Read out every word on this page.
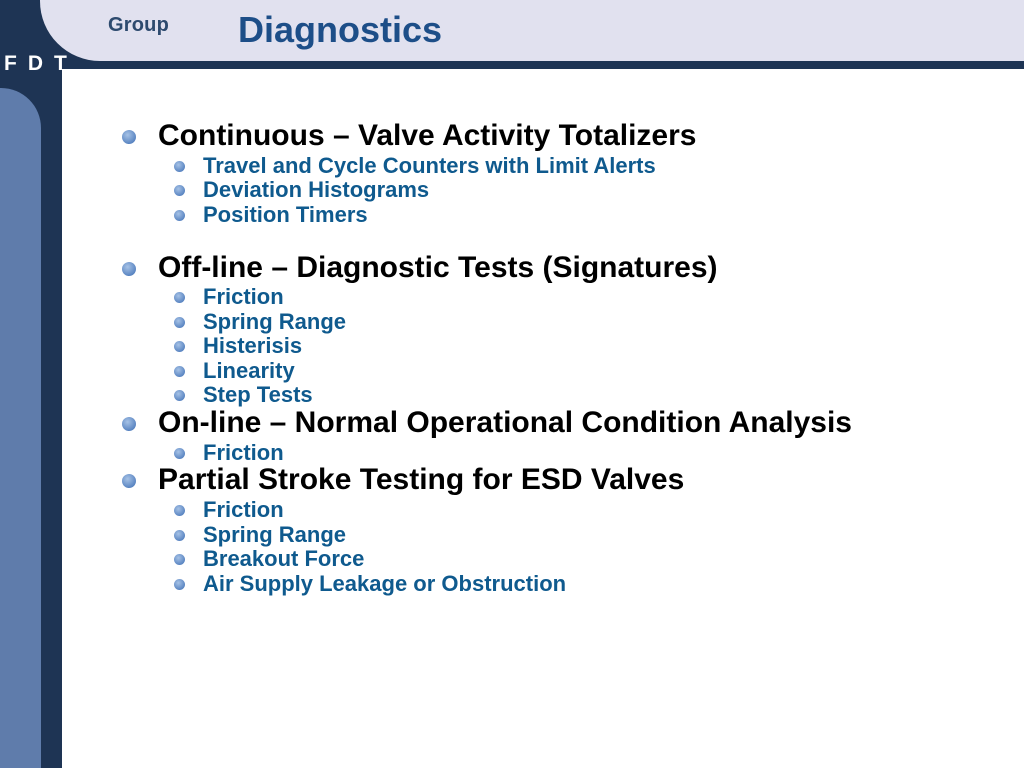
Group
FDT
Diagnostics
Continuous – Valve Activity Totalizers
Travel and Cycle Counters with Limit Alerts
Deviation Histograms
Position Timers
Off-line – Diagnostic Tests (Signatures)
Friction
Spring Range
Histerisis
Linearity
Step Tests
On-line – Normal Operational Condition Analysis
Friction
Partial Stroke Testing for ESD Valves
Friction
Spring Range
Breakout Force
Air Supply Leakage or Obstruction
